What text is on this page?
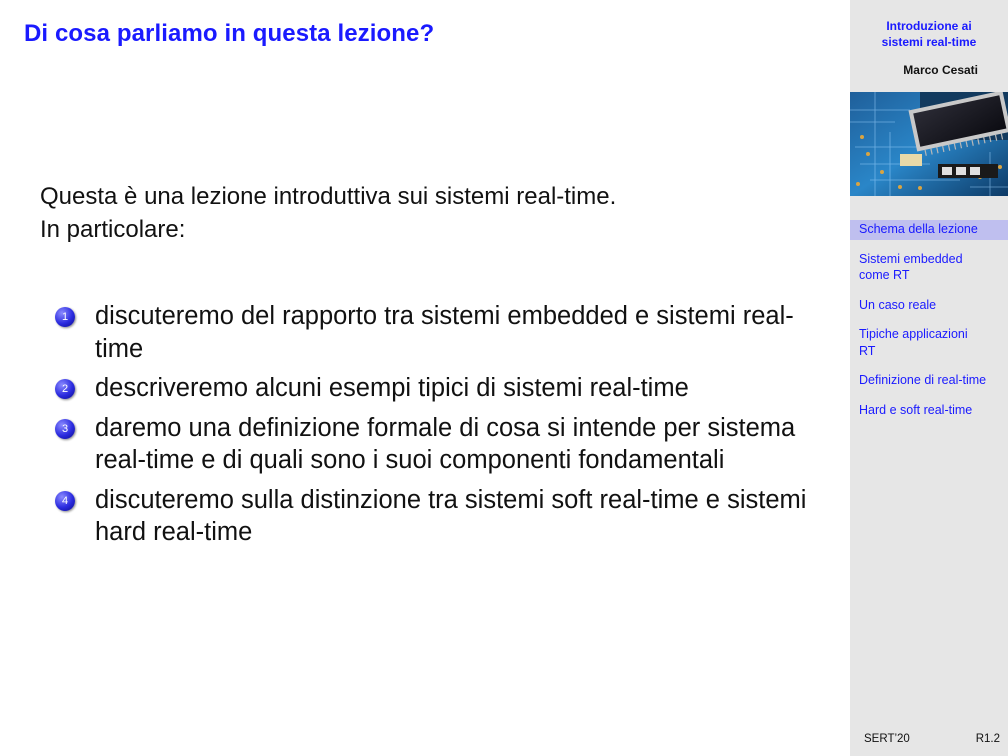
Di cosa parliamo in questa lezione?

Questa è una lezione introduttiva sui sistemi real-time.
In particolare:

1 discuteremo del rapporto tra sistemi embedded e sistemi real-time
2 descriveremo alcuni esempi tipici di sistemi real-time
3 daremo una definizione formale di cosa si intende per sistema real-time e di quali sono i suoi componenti fondamentali
4 discuteremo sulla distinzione tra sistemi soft real-time e sistemi hard real-time
Introduzione ai
sistemi real-time
Marco Cesati
Schema della lezione
Sistemi embedded
come RT
Un caso reale
Tipiche applicazioni
RT
Definizione di real-time
Hard e soft real-time
SERT’20	R1.2
